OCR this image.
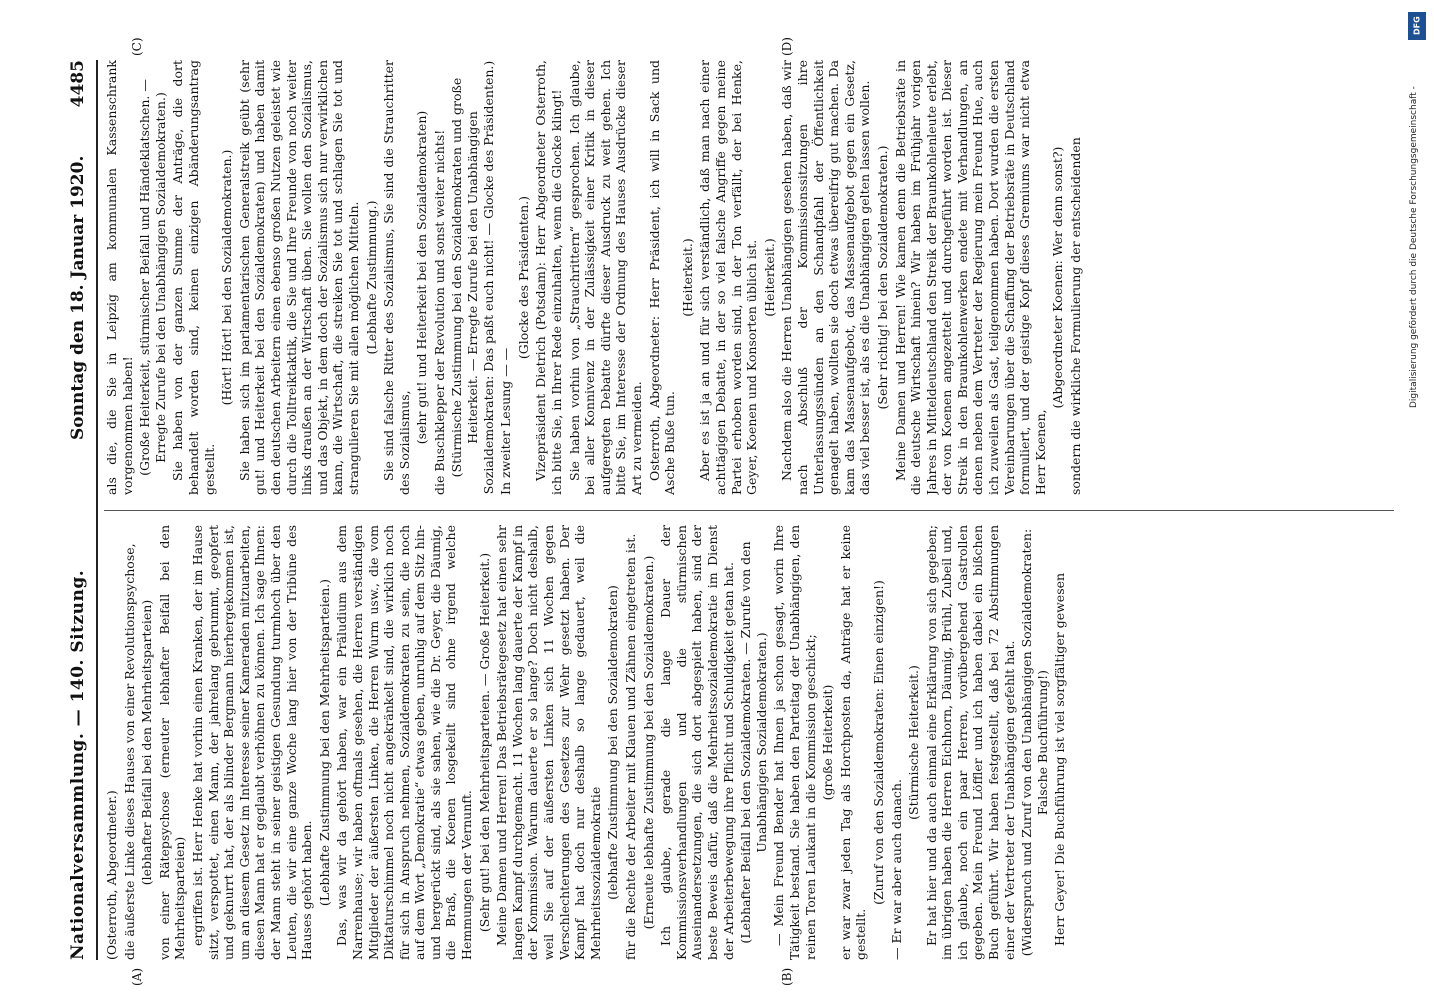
Nationalversammlung. — 140. Sitzung.
Sonntag den 18. Januar 1920.
4485

(Osterroth, Abgeordneter.) die äußerste Linke dieses Hauses von einer Revolutionspsychose, (lebhafter Beifall bei den Mehrheitsparteien) von einer Rätepsychose (erneuter lebhafter Beifall bei den Mehrheitsparteien) ergriffen ist. Herr Henke hat vorhin einen Kranken, der im Hause sitzt, verspottet, einen Mann, der jahrelang gebrummt, geopfert und geknurrt hat, der als blinder Bergmann hierhergekommen ist, um an diesem Gesetz im Interesse seiner Kameraden mitzuarbeiten, diesen Mann hat er geglaubt verhöhnen zu können. Ich sage Ihnen: der Mann steht in seiner geistigen Gesundung turmhoch über den Leuten, die wir eine ganze Woche lang hier von der Tribüne des Hauses gehört haben. (Lebhafte Zustimmung bei den Mehrheitsparteien.) Das, was wir da gehört haben, war ein Präludium aus dem Narrenhause; wir haben oftmals gesehen, die Herren verständigen Mitglieder der äußersten Linken, die Herren Wurm usw., die vom Diktaturschimmel noch nicht angekränkelt sind, die wirklich noch für sich in Anspruch nehmen, Sozialdemokraten zu sein, die noch auf dem Wort „Demokratie“ etwas geben, unruhig auf dem Sitz hin- und hergerückt sind, als sie sahen, wie die Dr. Geyer, die Däumig, die Braß, die Koenen losgekeilt sind ohne irgend welche Hemmungen der Vernunft. (Sehr gut! bei den Mehrheitsparteien. — Große Heiterkeit.) Meine Damen und Herren! Das Betriebsrätegesetz hat einen sehr langen Kampf durchgemacht. 11 Wochen lang dauerte der Kampf in der Kommission. Warum dauerte er so lange? Doch nicht deshalb, weil Sie auf der äußersten Linken sich 11 Wochen gegen Verschlechterungen des Gesetzes zur Wehr gesetzt haben. Der Kampf hat doch nur deshalb so lange gedauert, weil die Mehrheitssozialdemokratie (lebhafte Zustimmung bei den Sozialdemokraten) für die Rechte der Arbeiter mit Klauen und Zähnen eingetreten ist. (Erneute lebhafte Zustimmung bei den Sozialdemokraten.) Ich glaube, gerade die lange Dauer der Kommissionsverhandlungen und die stürmischen Auseinandersetzungen, die sich dort abgespielt haben, sind der beste Beweis dafür, daß die Mehrheitssozialdemokratie im Dienst der Arbeiterbewegung ihre Pflicht und Schuldigkeit getan hat. (Lebhafter Beifall bei den Sozialdemokraten. — Zurufe von den Unabhängigen Sozialdemokraten.) — Mein Freund Bender hat Ihnen ja schon gesagt, worin Ihre Tätigkeit bestand. Sie haben den Parteitag der Unabhängigen, den reinen Toren Laukant in die Kommission geschickt; (große Heiterkeit) er war zwar jeden Tag als Horchposten da, Anträge hat er keine gestellt.

(Zuruf von den Sozialdemokraten: Einen einzigen!) — Er war aber auch danach.

(Stürmische Heiterkeit.) Er hat hier und da auch einmal eine Erklärung von sich gegeben; im übrigen haben die Herren Eichhorn, Däumig, Brühl, Zubeil und, ich glaube, noch ein paar Herren, vorübergehend Gastrollen gegeben. Mein Freund Löffler und ich haben dabei ein bißchen Buch geführt. Wir haben festgestellt, daß bei 72 Abstimmungen einer der Vertreter der Unabhängigen gefehlt hat. (Widerspruch und Zuruf von den Unabhängigen Sozialdemokraten: Falsche Buchführung!) Herr Geyer! Die Buchführung ist viel sorgfältiger gewesen

als die, die Sie in Leipzig am kommunalen Kassenschrank vorgenommen haben! (Große Heiterkeit, stürmischer Beifall und Händeklatschen. — Erregte Zurufe bei den Unabhängigen Sozialdemokraten.) Sie haben von der ganzen Summe der Anträge, die dort behandelt worden sind, keinen einzigen Abänderungsantrag gestellt.

(Hört! Hört! bei den Sozialdemokraten.) Sie haben sich im parlamentarischen Generalstreik geübt (sehr gut! und Heiterkeit bei den Sozialdemokraten) und haben damit den deutschen Arbeitern einen ebenso großen Nutzen geleistet wie durch die Tolltreiktaktik, die Sie und Ihre Freunde von noch weiter links draußen an der Wirtschaft üben. Sie wollen den Sozialismus, und das Objekt, in dem doch der Sozialismus sich nur verwirklichen kann, die Wirtschaft, die streiken Sie tot und schlagen Sie tot und strangulieren Sie mit allen möglichen Mitteln. (Lebhafte Zustimmung.) Sie sind falsche Ritter des Sozialismus, Sie sind die Strauchritter des Sozialismus, (sehr gut! und Heiterkeit bei den Sozialdemokraten) die Buschklepper der Revolution und sonst weiter nichts! (Stürmische Zustimmung bei den Sozialdemokraten und große Heiterkeit. — Erregte Zurufe bei den Unabhängigen Sozialdemokraten: Das paßt euch nicht! — Glocke des Präsidenten.) In zweiter Lesung — —

(Glocke des Präsidenten.) Vizepräsident Dietrich (Potsdam): Herr Abgeordneter Osterroth, ich bitte Sie, in Ihrer Rede einzuhalten, wenn die Glocke klingt! Sie haben vorhin von „Strauchrittern“ gesprochen. Ich glaube, bei aller Konnivenz in der Zulässigkeit einer Kritik in dieser aufgeregten Debatte dürfte dieser Ausdruck zu weit gehen. Ich bitte Sie, im Interesse der Ordnung des Hauses Ausdrücke dieser Art zu vermeiden. Osterroth, Abgeordneter: Herr Präsident, ich will in Sack und Asche Buße tun.

(Heiterkeit.) Aber es ist ja an und für sich verständlich, daß man nach einer achttägigen Debatte, in der so viel falsche Angriffe gegen meine Partei erhoben worden sind, in der Ton verfällt, der bei Henke, Geyer, Koenen und Konsorten üblich ist. (Heiterkeit.) Nachdem also die Herren Unabhängigen gesehen haben, daß wir nach Abschluß der Kommissionssitzungen ihre Unterlassungssünden an den Schandpfahl der Öffentlichkeit genagelt haben, wollten sie doch etwas übereifrig gut machen. Da kam das Massenaufgebot, das Massenaufgebot gegen ein Gesetz, das viel besser ist, als es die Unabhängigen gelten lassen wollen. (Sehr richtig! bei den Sozialdemokraten.) Meine Damen und Herren! Wie kamen denn die Betriebsräte in die deutsche Wirtschaft hinein? Wir haben im Frühjahr vorigen Jahres in Mitteldeutschland den Streik der Braunkohlenleute erlebt, der von Koenen angezettelt und durchgeführt worden ist. Dieser Streik in den Braunkohlenwerken endete mit Verhandlungen, an denen neben dem Vertreter der Regierung mein Freund Hue, auch ich zuweilen als Gast, teilgenommen haben. Dort wurden die ersten Vereinbarungen über die Schaffung der Betriebsräte in Deutschland formuliert, und der geistige Kopf dieses Gremiums war nicht etwa Herr Koenen,

(Abgeordneter Koenen: Wer denn sonst?) sondern die wirkliche Formulierung der entscheidenden

(A)	(B)
(C)	(D)
DFG
Digitalisierung gefördert durch die Deutsche Forschungsgemeinschaft -
